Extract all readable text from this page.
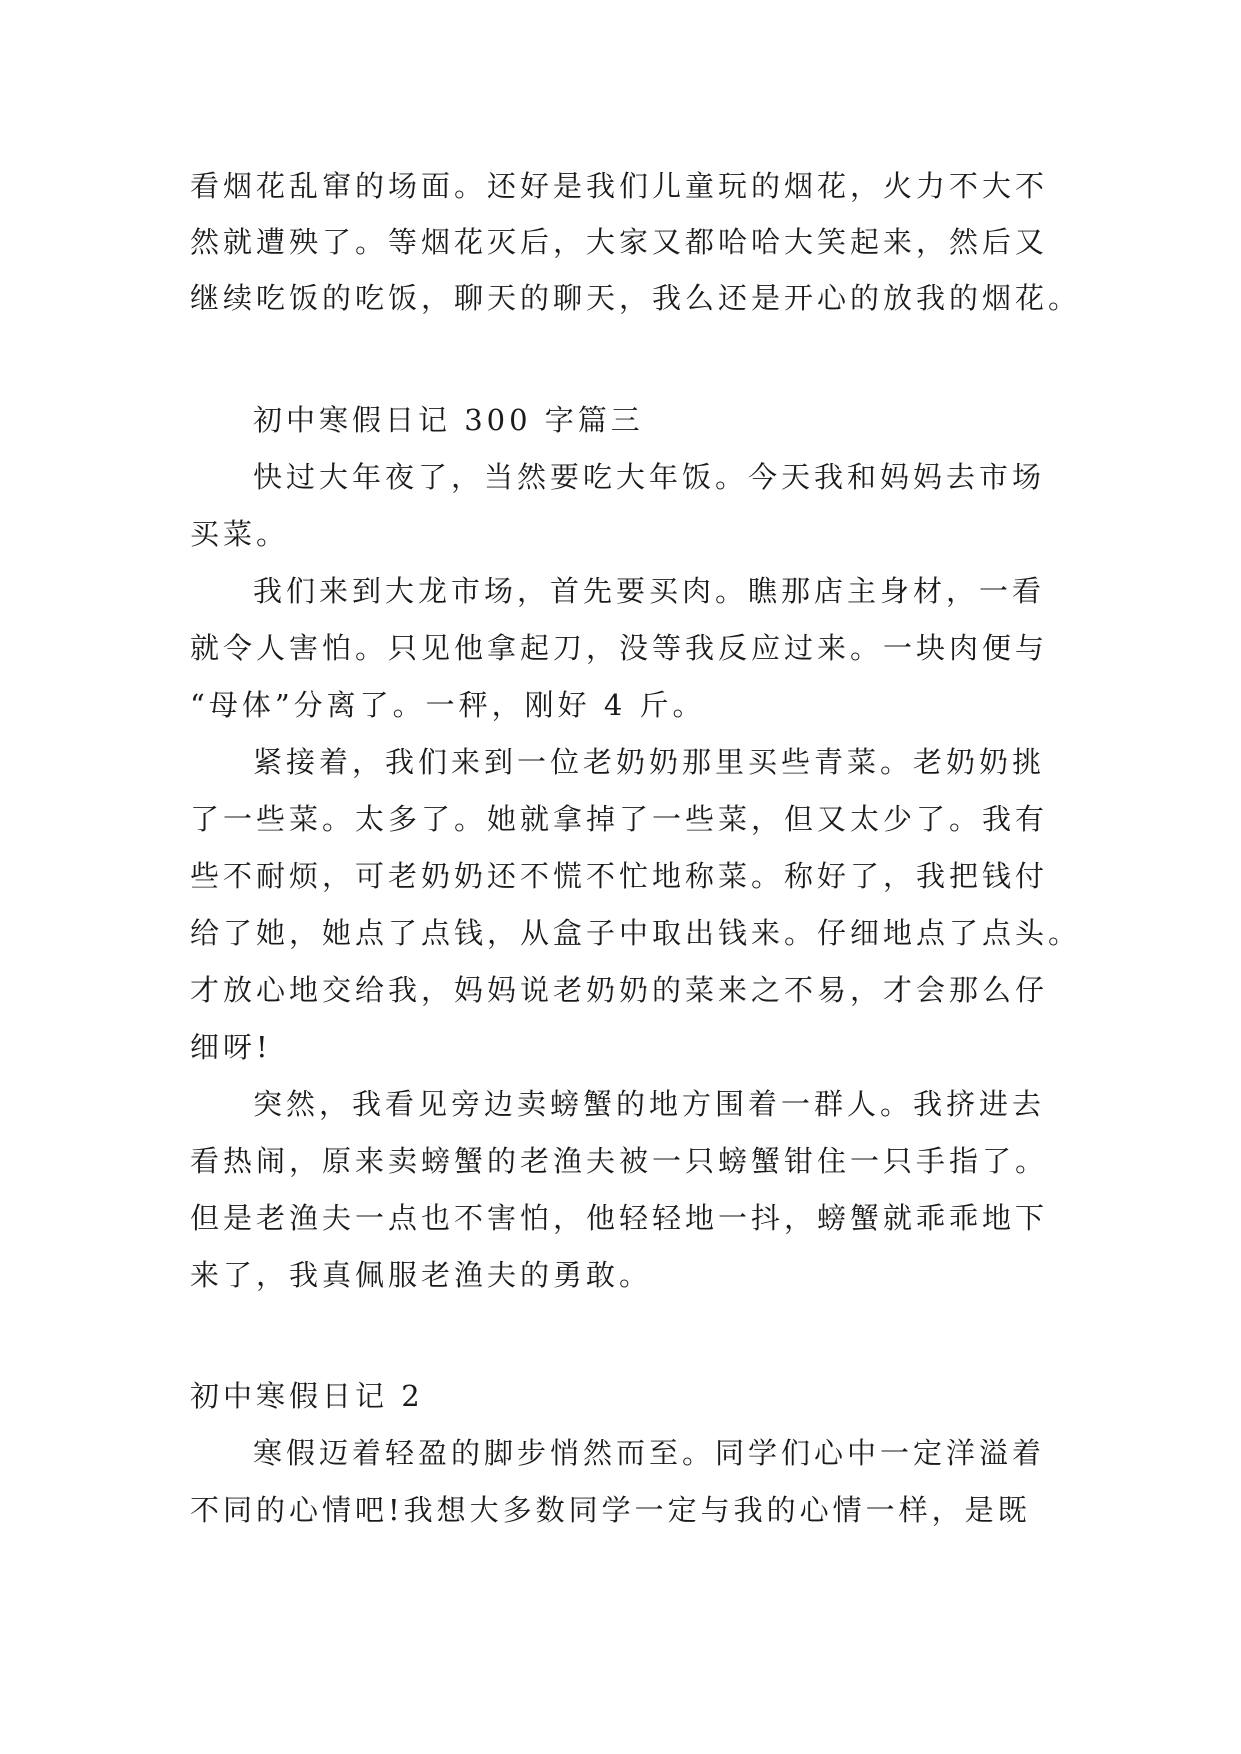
看烟花乱窜的场面。还好是我们儿童玩的烟花，火力不大不
然就遭殃了。等烟花灭后，大家又都哈哈大笑起来，然后又
继续吃饭的吃饭，聊天的聊天，我么还是开心的放我的烟花。
初中寒假日记 300 字篇三
快过大年夜了，当然要吃大年饭。今天我和妈妈去市场
买菜。
我们来到大龙市场，首先要买肉。瞧那店主身材，一看
就令人害怕。只见他拿起刀，没等我反应过来。一块肉便与
“母体”分离了。一秤，刚好 4 斤。
紧接着，我们来到一位老奶奶那里买些青菜。老奶奶挑
了一些菜。太多了。她就拿掉了一些菜，但又太少了。我有
些不耐烦，可老奶奶还不慌不忙地称菜。称好了，我把钱付
给了她，她点了点钱，从盒子中取出钱来。仔细地点了点头。
才放心地交给我，妈妈说老奶奶的菜来之不易，才会那么仔
细呀!
突然，我看见旁边卖螃蟹的地方围着一群人。我挤进去
看热闹，原来卖螃蟹的老渔夫被一只螃蟹钳住一只手指了。
但是老渔夫一点也不害怕，他轻轻地一抖，螃蟹就乖乖地下
来了，我真佩服老渔夫的勇敢。
初中寒假日记 2
寒假迈着轻盈的脚步悄然而至。同学们心中一定洋溢着
不同的心情吧!我想大多数同学一定与我的心情一样，是既
